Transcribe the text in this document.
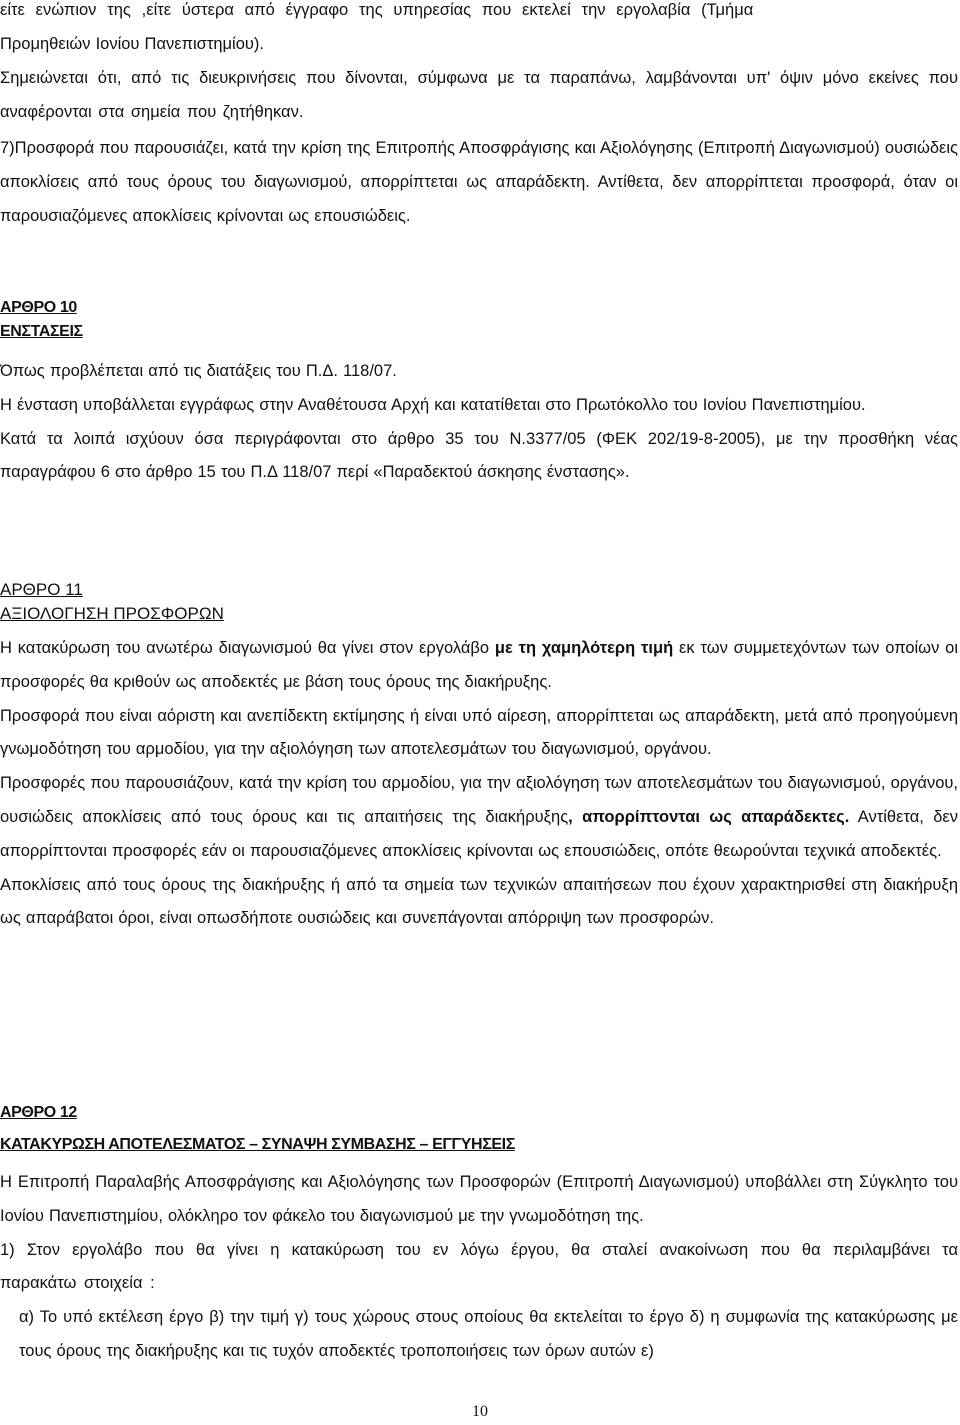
είτε ενώπιον της ,είτε ύστερα από έγγραφο της υπηρεσίας που εκτελεί την εργολαβία (Τμήμα
Προμηθειών Ιονίου Πανεπιστημίου).

Σημειώνεται ότι, από τις διευκρινήσεις που δίνονται, σύμφωνα με τα παραπάνω, λαμβάνονται υπ' όψιν μόνο εκείνες που αναφέρονται στα σημεία που ζητήθηκαν.

7)Προσφορά που παρουσιάζει, κατά την κρίση της Επιτροπής Αποσφράγισης και Αξιολόγησης (Επιτροπή Διαγωνισμού) ουσιώδεις αποκλίσεις από τους όρους του διαγωνισμού, απορρίπτεται ως απαράδεκτη. Αντίθετα, δεν απορρίπτεται προσφορά, όταν οι παρουσιαζόμενες αποκλίσεις κρίνονται ως επουσιώδεις.

ΑΡΘΡΟ 10

ΕΝΣΤΑΣΕΙΣ

Όπως προβλέπεται από τις διατάξεις του Π.Δ. 118/07.

Η ένσταση υποβάλλεται εγγράφως στην Αναθέτουσα Αρχή και κατατίθεται στο Πρωτόκολλο του Ιονίου Πανεπιστημίου.

Κατά τα λοιπά ισχύουν όσα περιγράφονται στο άρθρο 35 του Ν.3377/05 (ΦΕΚ 202/19-8-2005), με την προσθήκη νέας παραγράφου 6 στο άρθρο 15 του Π.Δ 118/07 περί «Παραδεκτού άσκησης ένστασης».

ΑΡΘΡΟ 11

ΑΞΙΟΛΟΓΗΣΗ ΠΡΟΣΦΟΡΩΝ

Η κατακύρωση του ανωτέρω διαγωνισμού θα γίνει στον εργολάβο με τη χαμηλότερη τιμή εκ των συμμετεχόντων των οποίων οι προσφορές θα κριθούν ως αποδεκτές με βάση τους όρους της διακήρυξης.

Προσφορά που είναι αόριστη και ανεπίδεκτη εκτίμησης ή είναι υπό αίρεση, απορρίπτεται ως απαράδεκτη, μετά από προηγούμενη γνωμοδότηση του αρμοδίου, για την αξιολόγηση των αποτελεσμάτων του διαγωνισμού, οργάνου.

Προσφορές που παρουσιάζουν, κατά την κρίση του αρμοδίου, για την αξιολόγηση των αποτελεσμάτων του διαγωνισμού, οργάνου, ουσιώδεις αποκλίσεις από τους όρους και τις απαιτήσεις της διακήρυξης, απορρίπτονται ως απαράδεκτες. Αντίθετα, δεν απορρίπτονται προσφορές εάν οι παρουσιαζόμενες αποκλίσεις κρίνονται ως επουσιώδεις, οπότε θεωρούνται τεχνικά αποδεκτές.

Αποκλίσεις από τους όρους της διακήρυξης ή από τα σημεία των τεχνικών απαιτήσεων που έχουν χαρακτηρισθεί στη διακήρυξη ως απαράβατοι όροι, είναι οπωσδήποτε ουσιώδεις και συνεπάγονται απόρριψη των προσφορών.

ΑΡΘΡΟ 12

ΚΑΤΑΚΥΡΩΣΗ ΑΠΟΤΕΛΕΣΜΑΤΟΣ – ΣΥΝΑΨΗ ΣΥΜΒΑΣΗΣ – ΕΓΓΥΗΣΕΙΣ

Η Επιτροπή Παραλαβής Αποσφράγισης και Αξιολόγησης των Προσφορών (Επιτροπή Διαγωνισμού) υποβάλλει στη Σύγκλητο του Ιονίου Πανεπιστημίου, ολόκληρο τον φάκελο του διαγωνισμού με την γνωμοδότηση της.

1) Στον εργολάβο που θα γίνει η κατακύρωση του εν λόγω έργου, θα σταλεί ανακοίνωση που θα περιλαμβάνει τα παρακάτω στοιχεία :

α) Το υπό εκτέλεση έργο β) την τιμή γ) τους χώρους στους οποίους θα εκτελείται το έργο δ) η συμφωνία της κατακύρωσης με τους όρους της διακήρυξης και τις τυχόν αποδεκτές τροποποιήσεις των όρων αυτών ε)

10
